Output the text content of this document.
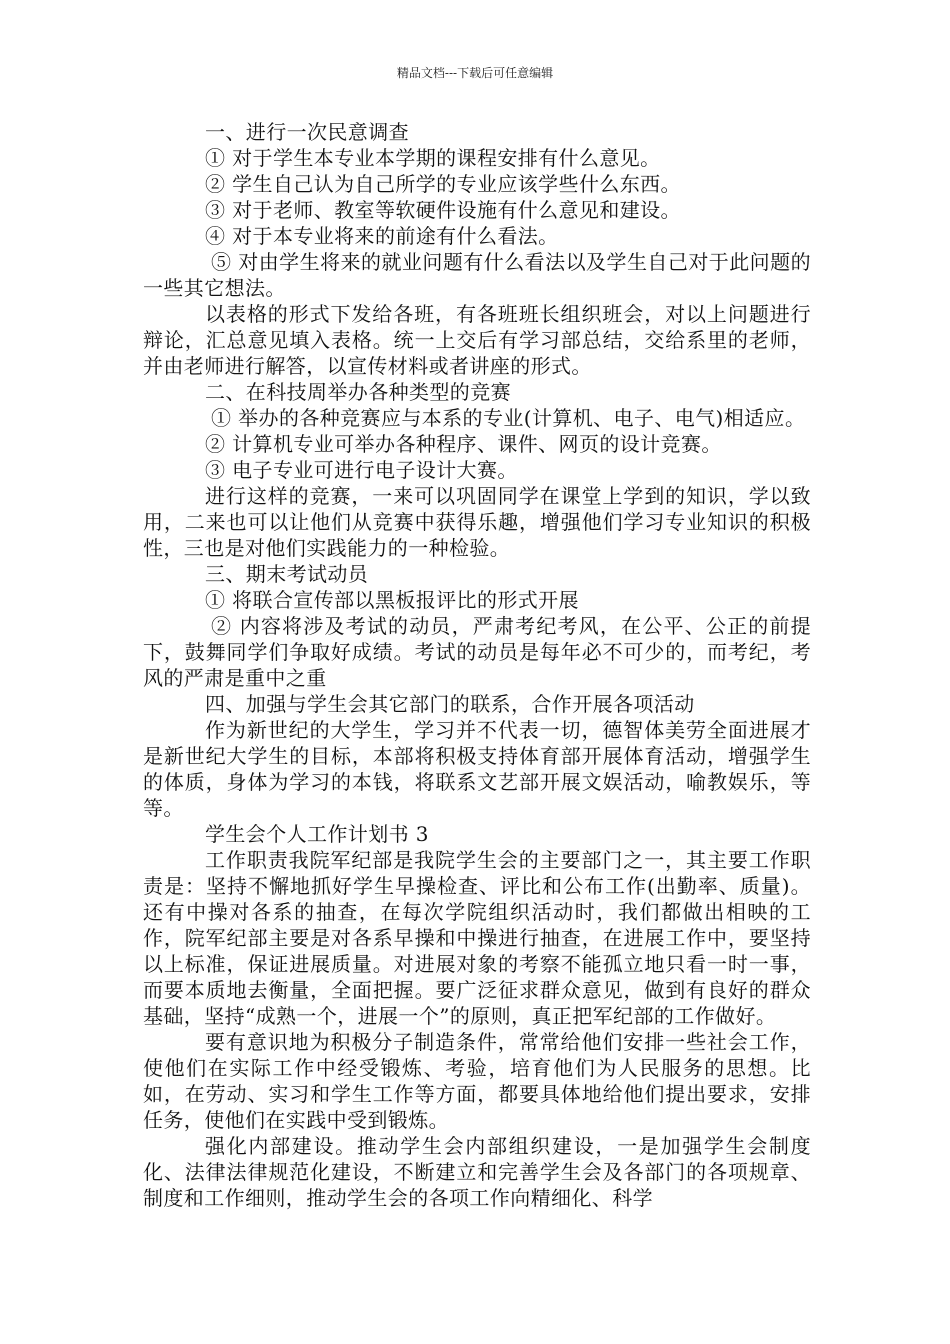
精品文档---下载后可任意编辑

一、进行一次民意调查

① 对于学生本专业本学期的课程安排有什么意见。

② 学生自己认为自己所学的专业应该学些什么东西。

③ 对于老师、教室等软硬件设施有什么意见和建设。

④ 对于本专业将来的前途有什么看法。

⑤ 对由学生将来的就业问题有什么看法以及学生自己对于此问题的一些其它想法。

以表格的形式下发给各班，有各班班长组织班会，对以上问题进行辩论，汇总意见填入表格。统一上交后有学习部总结，交给系里的老师，并由老师进行解答，以宣传材料或者讲座的形式。

二、在科技周举办各种类型的竞赛

① 举办的各种竞赛应与本系的专业(计算机、电子、电气)相适应。

② 计算机专业可举办各种程序、课件、网页的设计竞赛。

③ 电子专业可进行电子设计大赛。

进行这样的竞赛，一来可以巩固同学在课堂上学到的知识，学以致用，二来也可以让他们从竞赛中获得乐趣，增强他们学习专业知识的积极性，三也是对他们实践能力的一种检验。

三、期末考试动员

① 将联合宣传部以黑板报评比的形式开展

② 内容将涉及考试的动员，严肃考纪考风，在公平、公正的前提下，鼓舞同学们争取好成绩。考试的动员是每年必不可少的，而考纪，考风的严肃是重中之重

四、加强与学生会其它部门的联系，合作开展各项活动

作为新世纪的大学生，学习并不代表一切，德智体美劳全面进展才是新世纪大学生的目标，本部将积极支持体育部开展体育活动，增强学生的体质，身体为学习的本钱，将联系文艺部开展文娱活动，喻教娱乐，等等。

学生会个人工作计划书 3

工作职责我院军纪部是我院学生会的主要部门之一，其主要工作职责是：坚持不懈地抓好学生早操检查、评比和公布工作(出勤率、质量)。还有中操对各系的抽查，在每次学院组织活动时，我们都做出相映的工作，院军纪部主要是对各系早操和中操进行抽查，在进展工作中，要坚持以上标准，保证进展质量。对进展对象的考察不能孤立地只看一时一事，而要本质地去衡量，全面把握。要广泛征求群众意见，做到有良好的群众基础，坚持“成熟一个，进展一个”的原则，真正把军纪部的工作做好。

要有意识地为积极分子制造条件，常常给他们安排一些社会工作，使他们在实际工作中经受锻炼、考验，培育他们为人民服务的思想。比如，在劳动、实习和学生工作等方面，都要具体地给他们提出要求，安排任务，使他们在实践中受到锻炼。

强化内部建设。推动学生会内部组织建设，一是加强学生会制度化、法律法律规范化建设，不断建立和完善学生会及各部门的各项规章、制度和工作细则，推动学生会的各项工作向精细化、科学
